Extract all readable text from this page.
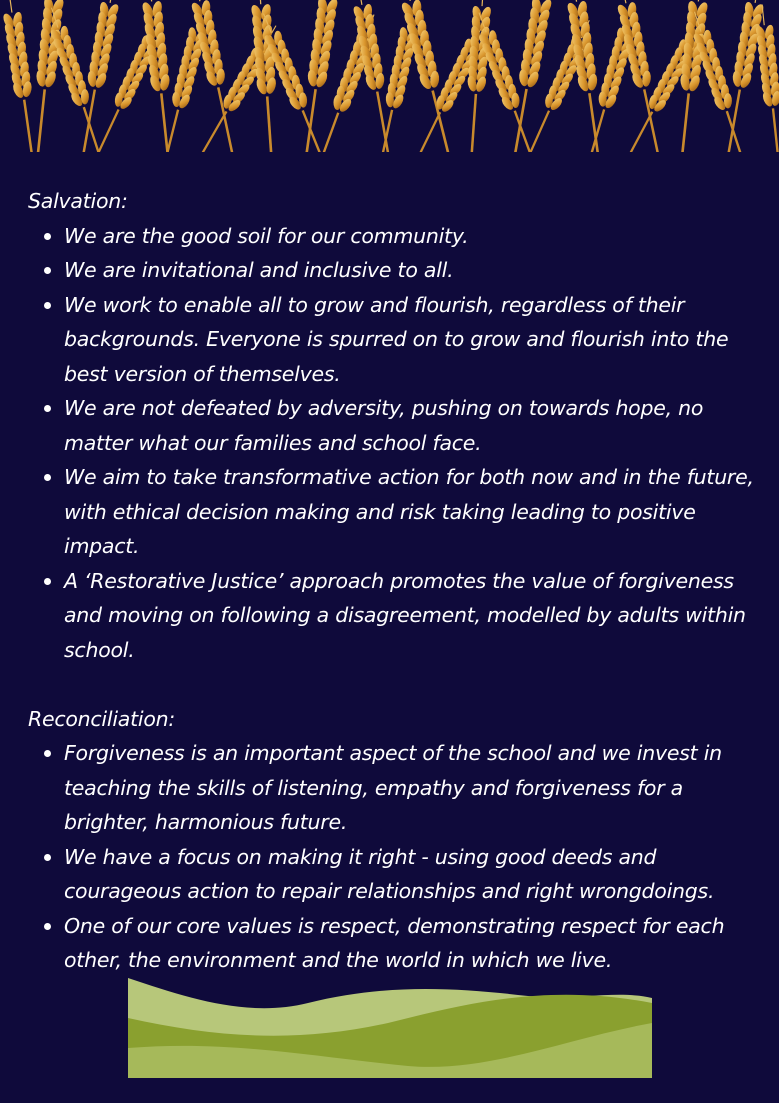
Salvation:
We are the good soil for our community.
We are invitational and inclusive to all.
We work to enable all to grow and flourish, regardless of their backgrounds. Everyone is spurred on to grow and flourish into the best version of themselves.
We are not defeated by adversity, pushing on towards hope, no matter what our families and school face.
We aim to take transformative action for both now and in the future, with ethical decision making and risk taking leading to positive impact.
A ‘Restorative Justice’ approach promotes the value of forgiveness and moving on following a disagreement, modelled by adults within school.
Reconciliation:
Forgiveness is an important aspect of the school and we invest in teaching the skills of listening, empathy and forgiveness for a brighter, harmonious future.
We have a focus on making it right - using good deeds and courageous action to repair relationships and right wrongdoings.
One of our core values is respect, demonstrating respect for each other, the environment and the world in which we live.
